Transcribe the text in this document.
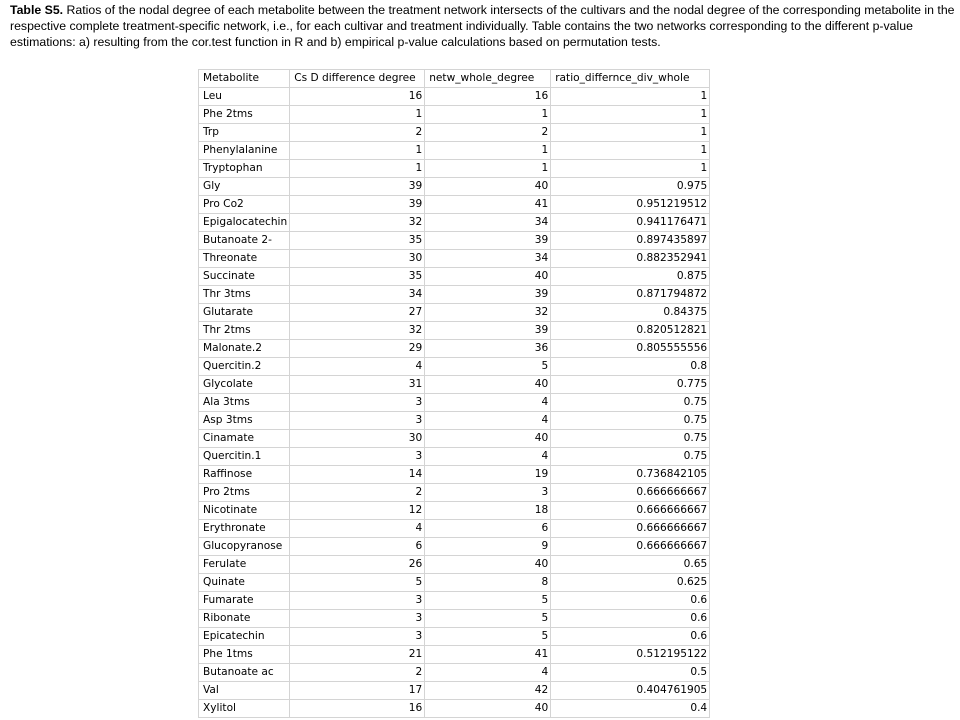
Table S5. Ratios of the nodal degree of each metabolite between the treatment network intersects of the cultivars and the nodal degree of the corresponding metabolite in the respective complete treatment-specific network, i.e., for each cultivar and treatment individually. Table contains the two networks corresponding to the different p-value estimations: a) resulting from the cor.test function in R and b) empirical p-value calculations based on permutation tests.
Metabolite	Cs D difference degree	netw_whole_degree	ratio_differnce_div_whole
Leu	16	16	1
Phe 2tms	1	1	1
Trp	2	2	1
Phenylalanine	1	1	1
Tryptophan	1	1	1
Gly	39	40	0.975
Pro Co2	39	41	0.951219512
Epigalocatechin	32	34	0.941176471
Butanoate 2-	35	39	0.897435897
Threonate	30	34	0.882352941
Succinate	35	40	0.875
Thr 3tms	34	39	0.871794872
Glutarate	27	32	0.84375
Thr 2tms	32	39	0.820512821
Malonate.2	29	36	0.805555556
Quercitin.2	4	5	0.8
Glycolate	31	40	0.775
Ala 3tms	3	4	0.75
Asp 3tms	3	4	0.75
Cinamate	30	40	0.75
Quercitin.1	3	4	0.75
Raffinose	14	19	0.736842105
Pro 2tms	2	3	0.666666667
Nicotinate	12	18	0.666666667
Erythronate	4	6	0.666666667
Glucopyranose	6	9	0.666666667
Ferulate	26	40	0.65
Quinate	5	8	0.625
Fumarate	3	5	0.6
Ribonate	3	5	0.6
Epicatechin	3	5	0.6
Phe 1tms	21	41	0.512195122
Butanoate ac	2	4	0.5
Val	17	42	0.404761905
Xylitol	16	40	0.4
